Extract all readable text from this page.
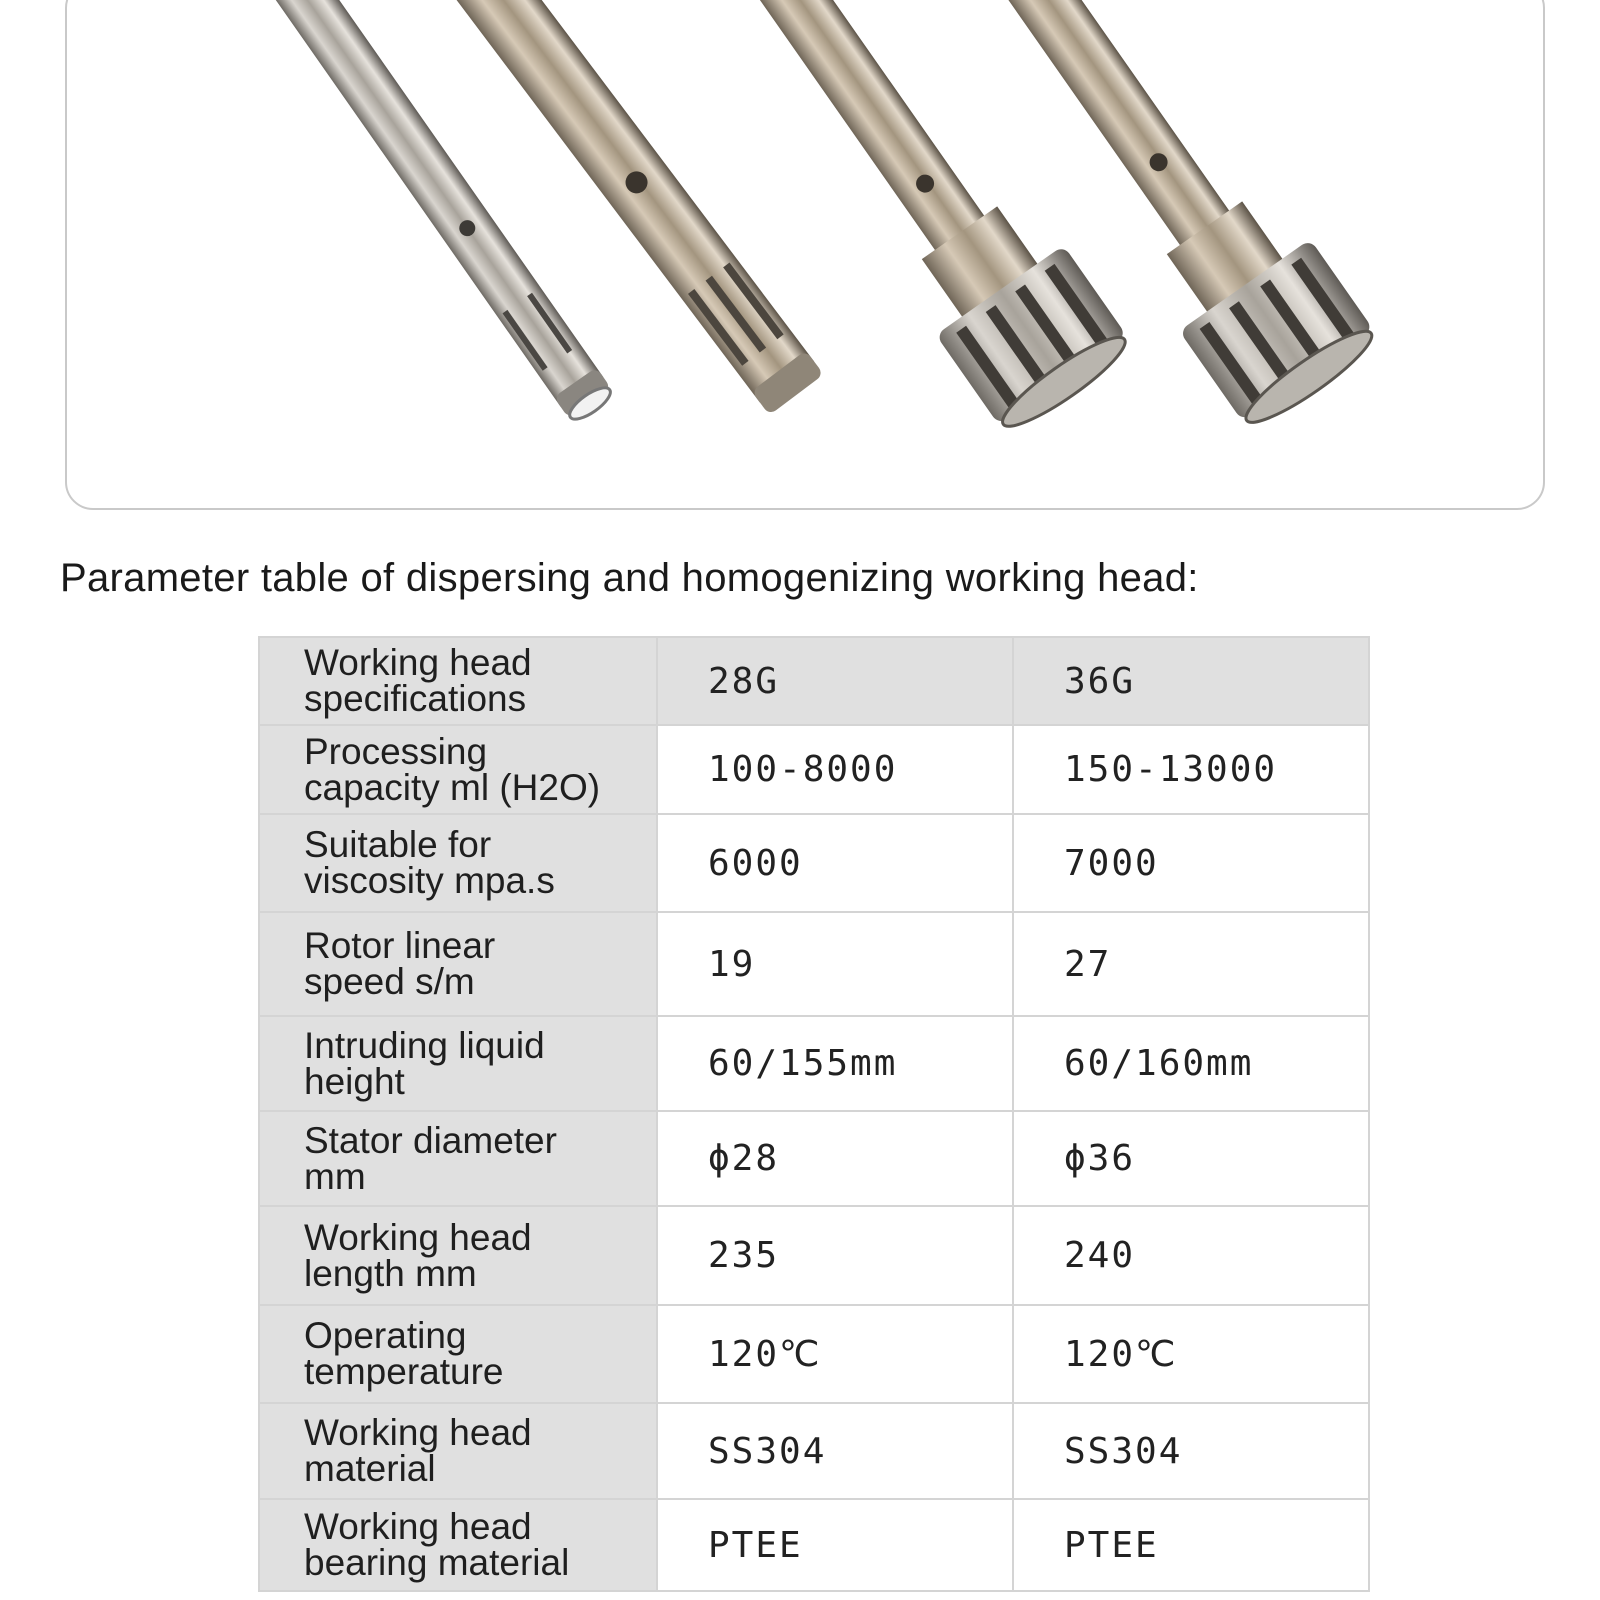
Parameter table of dispersing and homogenizing working head:
Working head
specifications	28G	36G

Processing
capacity ml (H2O)	100-8000	150-13000

Suitable for
viscosity mpa.s	6000	7000

Rotor linear
speed s/m	19	27

Intruding liquid
height	60/155mm	60/160mm

Stator diameter
mm	ϕ28	ϕ36

Working head
length mm	235	240

Operating
temperature	120℃	120℃

Working head
material	SS304	SS304

Working head
bearing material	PTEE	PTEE
